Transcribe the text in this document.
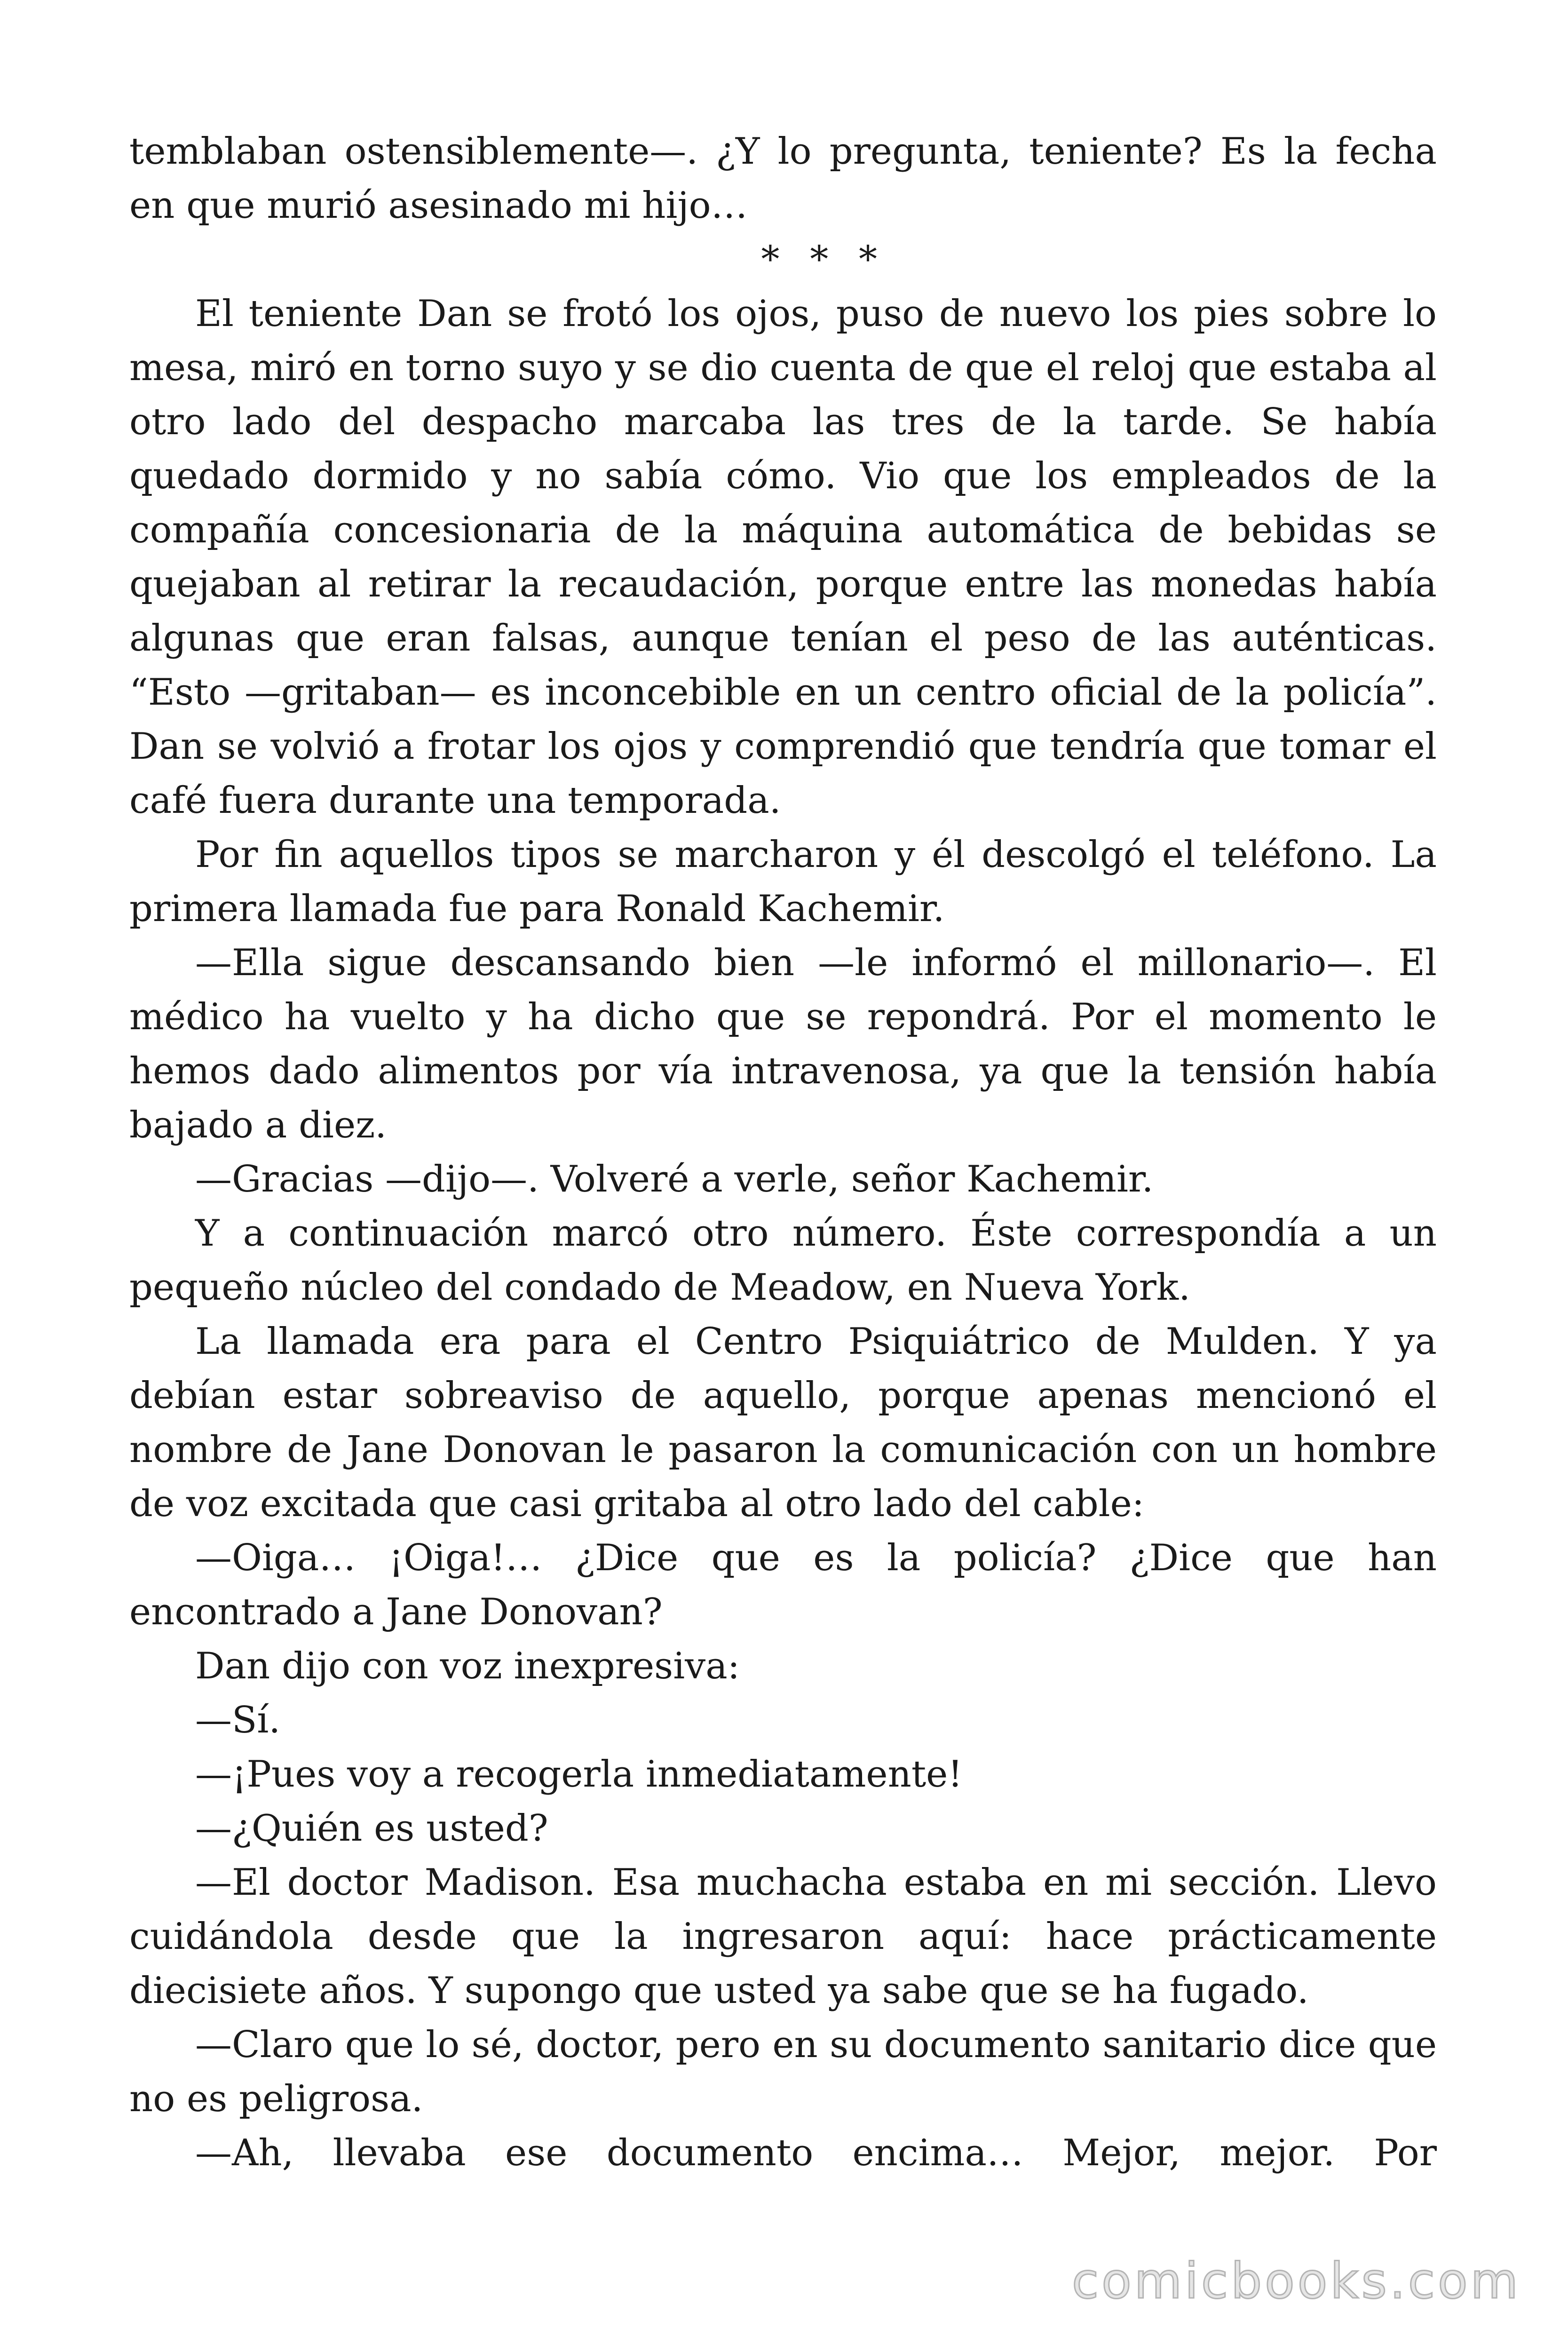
temblaban ostensiblemente—. ¿Y lo pregunta, teniente? Es la fecha en que murió asesinado mi hijo…

* * *

El teniente Dan se frotó los ojos, puso de nuevo los pies sobre lo mesa, miró en torno suyo y se dio cuenta de que el reloj que estaba al otro lado del despacho marcaba las tres de la tarde. Se había quedado dormido y no sabía cómo. Vio que los empleados de la compañía concesionaria de la máquina automática de bebidas se quejaban al retirar la recaudación, porque entre las monedas había algunas que eran falsas, aunque tenían el peso de las auténticas. “Esto —gritaban— es inconcebible en un centro oficial de la policía”. Dan se volvió a frotar los ojos y comprendió que tendría que tomar el café fuera durante una temporada.

Por fin aquellos tipos se marcharon y él descolgó el teléfono. La primera llamada fue para Ronald Kachemir.

—Ella sigue descansando bien —le informó el millonario—. El médico ha vuelto y ha dicho que se repondrá. Por el momento le hemos dado alimentos por vía intravenosa, ya que la tensión había bajado a diez.

—Gracias —dijo—. Volveré a verle, señor Kachemir.

Y a continuación marcó otro número. Éste correspondía a un pequeño núcleo del condado de Meadow, en Nueva York.

La llamada era para el Centro Psiquiátrico de Mulden. Y ya debían estar sobreaviso de aquello, porque apenas mencionó el nombre de Jane Donovan le pasaron la comunicación con un hombre de voz excitada que casi gritaba al otro lado del cable:

—Oiga… ¡Oiga!… ¿Dice que es la policía? ¿Dice que han encontrado a Jane Donovan?

Dan dijo con voz inexpresiva:

—Sí.

—¡Pues voy a recogerla inmediatamente!

—¿Quién es usted?

—El doctor Madison. Esa muchacha estaba en mi sección. Llevo cuidándola desde que la ingresaron aquí: hace prácticamente diecisiete años. Y supongo que usted ya sabe que se ha fugado.

—Claro que lo sé, doctor, pero en su documento sanitario dice que no es peligrosa.

—Ah, llevaba ese documento encima… Mejor, mejor. Por

comicbooks.com
